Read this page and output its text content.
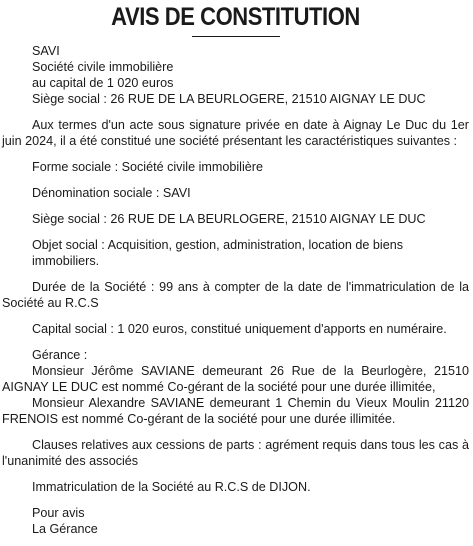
AVIS DE CONSTITUTION
SAVI
Société civile immobilière
au capital de 1 020 euros
Siège social : 26 RUE DE LA BEURLOGERE, 21510 AIGNAY LE DUC
Aux termes d'un acte sous signature privée en date à Aignay Le Duc du 1er juin 2024, il a été constitué une société présentant les caractéristiques suivantes :
Forme sociale : Société civile immobilière
Dénomination sociale : SAVI
Siège social : 26 RUE DE LA BEURLOGERE, 21510 AIGNAY LE DUC
Objet social : Acquisition, gestion, administration, location de biens immobiliers.
Durée de la Société : 99 ans à compter de la date de l'immatriculation de la Société au R.C.S
Capital social : 1 020 euros, constitué uniquement d'apports en numéraire.
Gérance :
Monsieur Jérôme SAVIANE demeurant 26 Rue de la Beurlogère, 21510 AIGNAY LE DUC est nommé Co-gérant de la société pour une durée illimitée,
Monsieur Alexandre SAVIANE demeurant 1 Chemin du Vieux Moulin 21120 FRENOIS est nommé Co-gérant de la société pour une durée illimitée.
Clauses relatives aux cessions de parts : agrément requis dans tous les cas à l'unanimité des associés
Immatriculation de la Société au R.C.S de DIJON.
Pour avis
La Gérance
